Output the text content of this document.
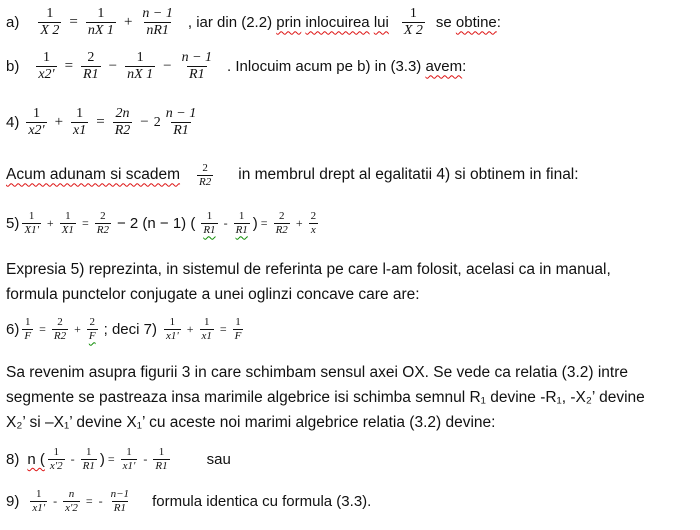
$a) \frac{1}{X 2} = \frac{1}{nX 1} + \frac{n - 1}{nR1}$ , iar din (2.2)
prin
inlocuirea
lui $\frac{1}{X 2}$ se
obtine :
$b) \frac{1}{x2'} = \frac{2}{R1} - \frac{1}{nX 1} - \frac{n - 1}{R1}$ . Inlocuim acum pe b) in (3.3)
avem :
$4) \frac{1}{x2'} + \frac{1}{x1} = \frac{2n}{R2} - 2 \frac{n - 1}{R1}$
Acum adunam si scadem $\frac{2}{R2}$ in membrul drept al egalitatii 4) si obtinem in final:
$5) \frac{1}{X1'} + \frac{1}{X1} = \frac{2}{R2} - 2$ (n − 1) ( $\frac{1}{R1} - \frac{1}{R1}$ ) = $\frac{2}{R2} + \frac{2}{x}$
Expresia 5) reprezinta, in sistemul de referinta pe care l-am folosit, acelasi ca in manual,
formula punctelor conjugate a unei oglinzi concave care are:
$6) \frac{1}{F} = \frac{2}{R2} + \frac{2}{F}$ ; deci $7) \frac{1}{x1'} + \frac{1}{x1} = \frac{1}{F}$
Sa revenim asupra figurii 3 in care schimbam sensul axei OX. Se vede ca relatia (3.2) intre
segmente se pastreaza insa marimile algebrice isi schimba semnul R₁ devine -R₁, -X₂’ devine
X₂’ si –X₁’ devine X₁’ cu aceste noi marimi algebrice relatia (3.2) devine:
8) n ( $\frac{1}{x'2} - \frac{1}{R1}$ ) = $\frac{1}{x1'} - \frac{1}{R1}$ sau
$9) \frac{1}{x1'} - \frac{n}{x'2}$ = - $\frac{n-1}{R1}$ formula identica cu formula (3.3).
